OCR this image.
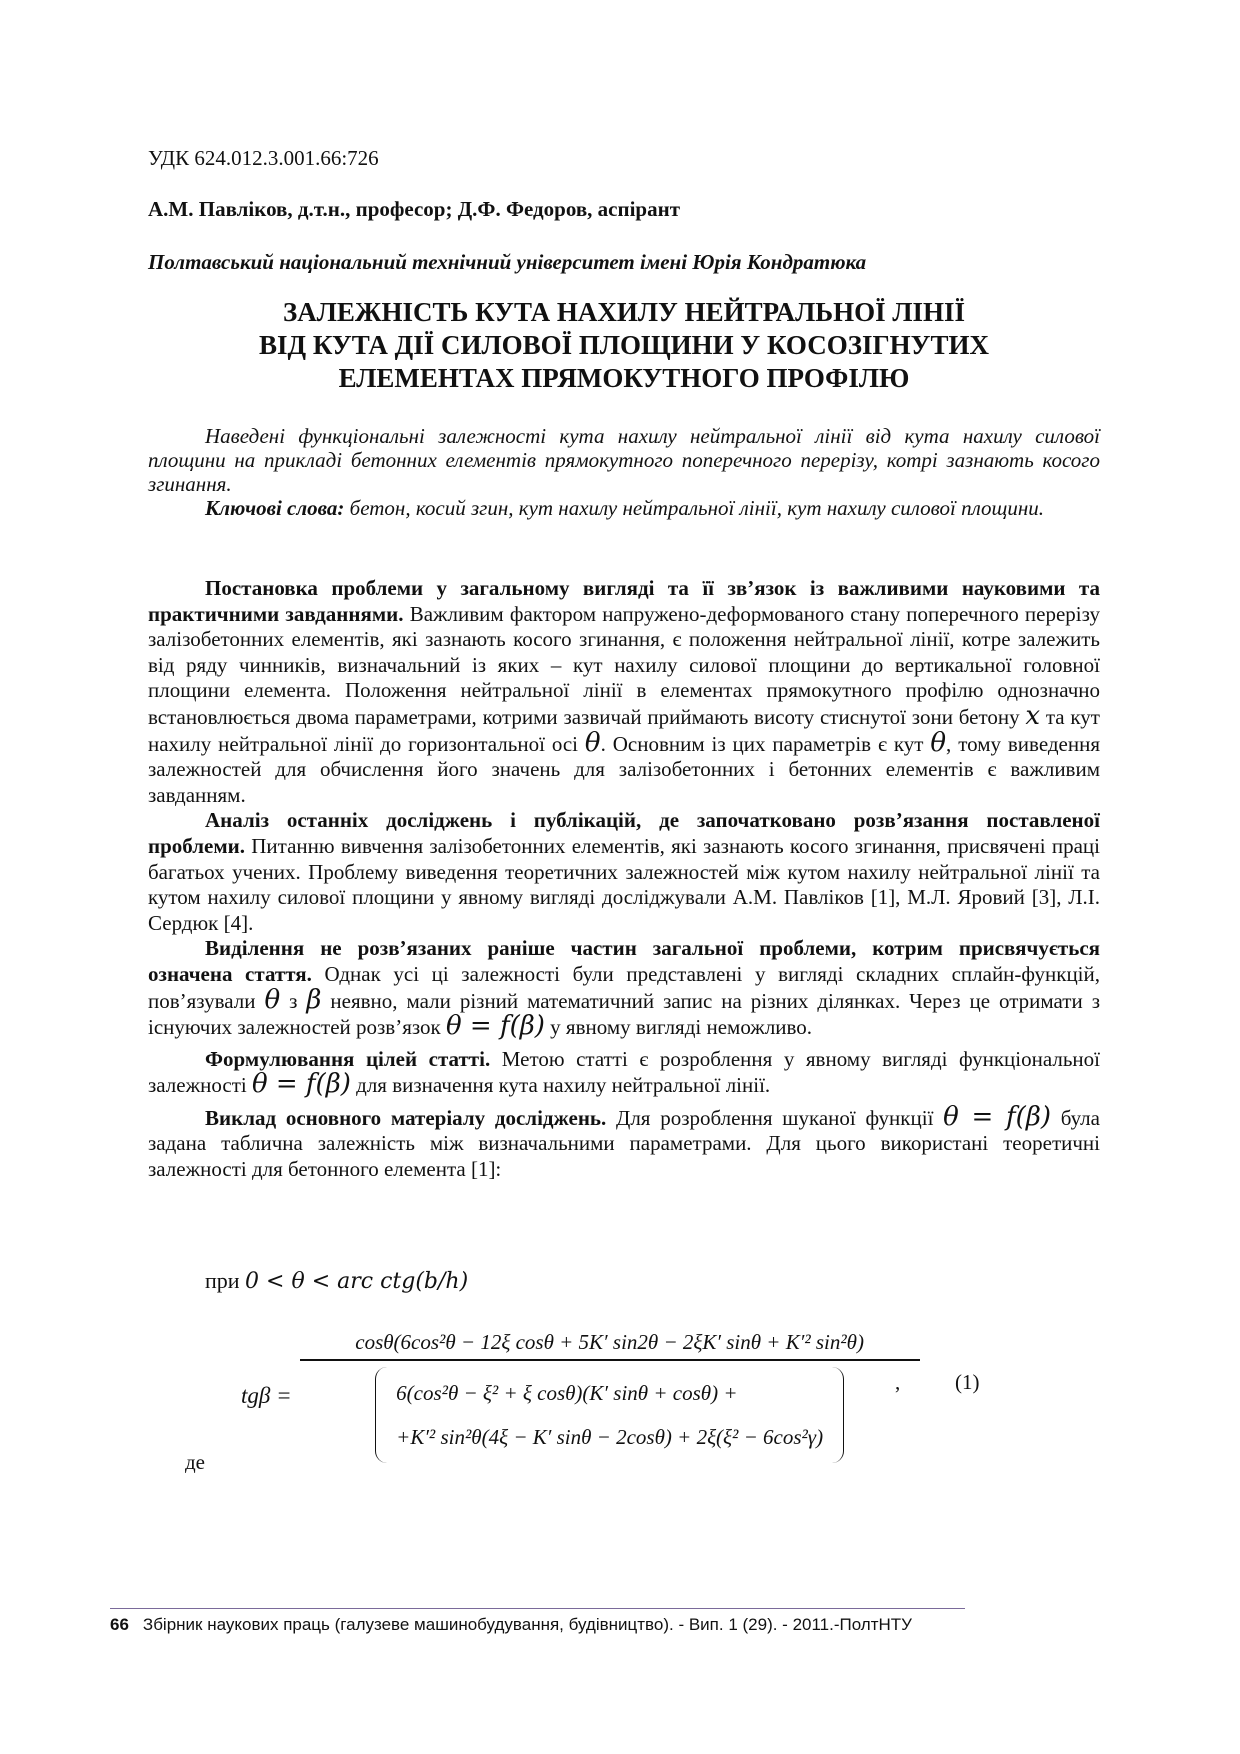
УДК 624.012.3.001.66:726
А.М. Павліков, д.т.н., професор; Д.Ф. Федоров, аспірант
Полтавський національний технічний університет імені Юрія Кондратюка
ЗАЛЕЖНІСТЬ КУТА НАХИЛУ НЕЙТРАЛЬНОЇ ЛІНІЇ
ВІД КУТА ДІЇ СИЛОВОЇ ПЛОЩИНИ У КОСОЗІГНУТИХ
ЕЛЕМЕНТАХ ПРЯМОКУТНОГО ПРОФІЛЮ

Наведені функціональні залежності кута нахилу нейтральної лінії від кута нахилу силової площини на прикладі бетонних елементів прямокутного поперечного перерізу, котрі зазнають косого згинання.

Ключові слова: бетон, косий згин, кут нахилу нейтральної лінії, кут нахилу силової площини.

Постановка проблеми у загальному вигляді та її зв’язок із важливими науковими та практичними завданнями. Важливим фактором напружено-деформованого стану поперечного перерізу залізобетонних елементів, які зазнають косого згинання, є положення нейтральної лінії, котре залежить від ряду чинників, визначальний із яких – кут нахилу силової площини до вертикальної головної площини елемента. Положення нейтральної лінії в елементах прямокутного профілю однозначно встановлюється двома параметрами, котрими зазвичай приймають висоту стиснутої зони бетону x та кут нахилу нейтральної лінії до горизонтальної осі θ. Основним із цих параметрів є кут θ, тому виведення залежностей для обчислення його значень для залізобетонних і бетонних елементів є важливим завданням.

Аналіз останніх досліджень і публікацій, де започатковано розв’язання поставленої проблеми. Питанню вивчення залізобетонних елементів, які зазнають косого згинання, присвячені праці багатьох учених. Проблему виведення теоретичних залежностей між кутом нахилу нейтральної лінії та кутом нахилу силової площини у явному вигляді досліджували А.М. Павліков [1], М.Л. Яровий [3], Л.І. Сердюк [4].

Виділення не розв’язаних раніше частин загальної проблеми, котрим присвячується означена стаття. Однак усі ці залежності були представлені у вигляді складних сплайн-функцій, пов’язували θ з β неявно, мали різний математичний запис на різних ділянках. Через це отримати з існуючих залежностей розв’язок θ = f(β) у явному вигляді неможливо.

Формулювання цілей статті. Метою статті є розроблення у явному вигляді функціональної залежності θ = f(β) для визначення кута нахилу нейтральної лінії.

Виклад основного матеріалу досліджень. Для розроблення шуканої функції θ = f(β) була задана таблична залежність між визначальними параметрами. Для цього використані теоретичні залежності для бетонного елемента [1]:

при 0 < θ < arc ctg(b/h)
tgβ =
cosθ(6cos²θ − 12ξ cosθ + 5K′ sin2θ − 2ξK′ sinθ + K′² sin²θ)
6(cos²θ − ξ² + ξ cosθ)(K′ sinθ + cosθ) +
+K′² sin²θ(4ξ − K′ sinθ − 2cosθ) + 2ξ(ξ² − 6cos²γ)
,	(1)
де
66 Збірник наукових праць (галузеве машинобудування, будівництво). - Вип. 1 (29). - 2011.-ПолтНТУ
